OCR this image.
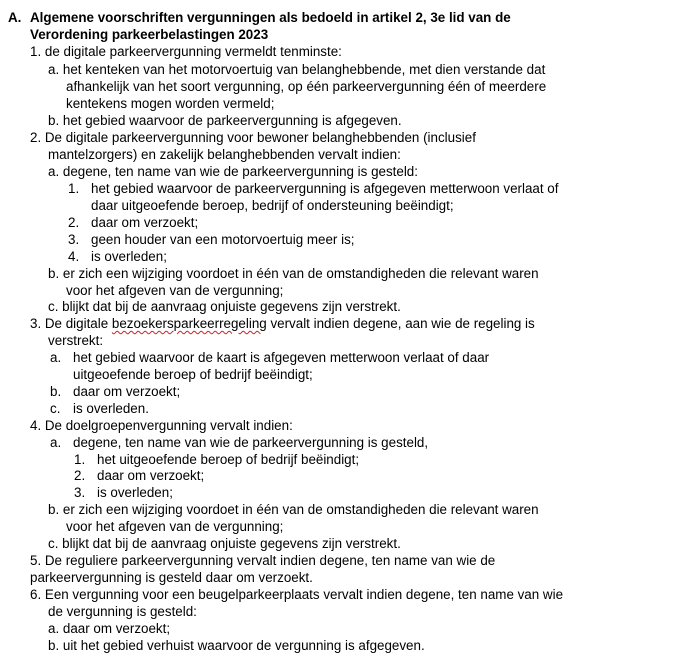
A. Algemene voorschriften vergunningen als bedoeld in artikel 2, 3e lid van de
Verordening parkeerbelastingen 2023
1. de digitale parkeervergunning vermeldt tenminste:
a. het kenteken van het motorvoertuig van belanghebbende, met dien verstande dat
afhankelijk van het soort vergunning, op één parkeervergunning één of meerdere
kentekens mogen worden vermeld;
b. het gebied waarvoor de parkeervergunning is afgegeven.
2. De digitale parkeervergunning voor bewoner belanghebbenden (inclusief
mantelzorgers) en zakelijk belanghebbenden vervalt indien:
a. degene, ten name van wie de parkeervergunning is gesteld:
1. het gebied waarvoor de parkeervergunning is afgegeven metterwoon verlaat of
daar uitgeoefende beroep, bedrijf of ondersteuning beëindigt;
2. daar om verzoekt;
3. geen houder van een motorvoertuig meer is;
4. is overleden;
b. er zich een wijziging voordoet in één van de omstandigheden die relevant waren
voor het afgeven van de vergunning;
c. blijkt dat bij de aanvraag onjuiste gegevens zijn verstrekt.
3. De digitale bezoekersparkeerregeling vervalt indien degene, aan wie de regeling is
verstrekt:
a. het gebied waarvoor de kaart is afgegeven metterwoon verlaat of daar
uitgeoefende beroep of bedrijf beëindigt;
b. daar om verzoekt;
c. is overleden.
4. De doelgroepenvergunning vervalt indien:
a. degene, ten name van wie de parkeervergunning is gesteld,
1. het uitgeoefende beroep of bedrijf beëindigt;
2. daar om verzoekt;
3. is overleden;
b. er zich een wijziging voordoet in één van de omstandigheden die relevant waren
voor het afgeven van de vergunning;
c. blijkt dat bij de aanvraag onjuiste gegevens zijn verstrekt.
5. De reguliere parkeervergunning vervalt indien degene, ten name van wie de
parkeervergunning is gesteld daar om verzoekt.
6. Een vergunning voor een beugelparkeerplaats vervalt indien degene, ten name van wie
de vergunning is gesteld:
a. daar om verzoekt;
b. uit het gebied verhuist waarvoor de vergunning is afgegeven.
